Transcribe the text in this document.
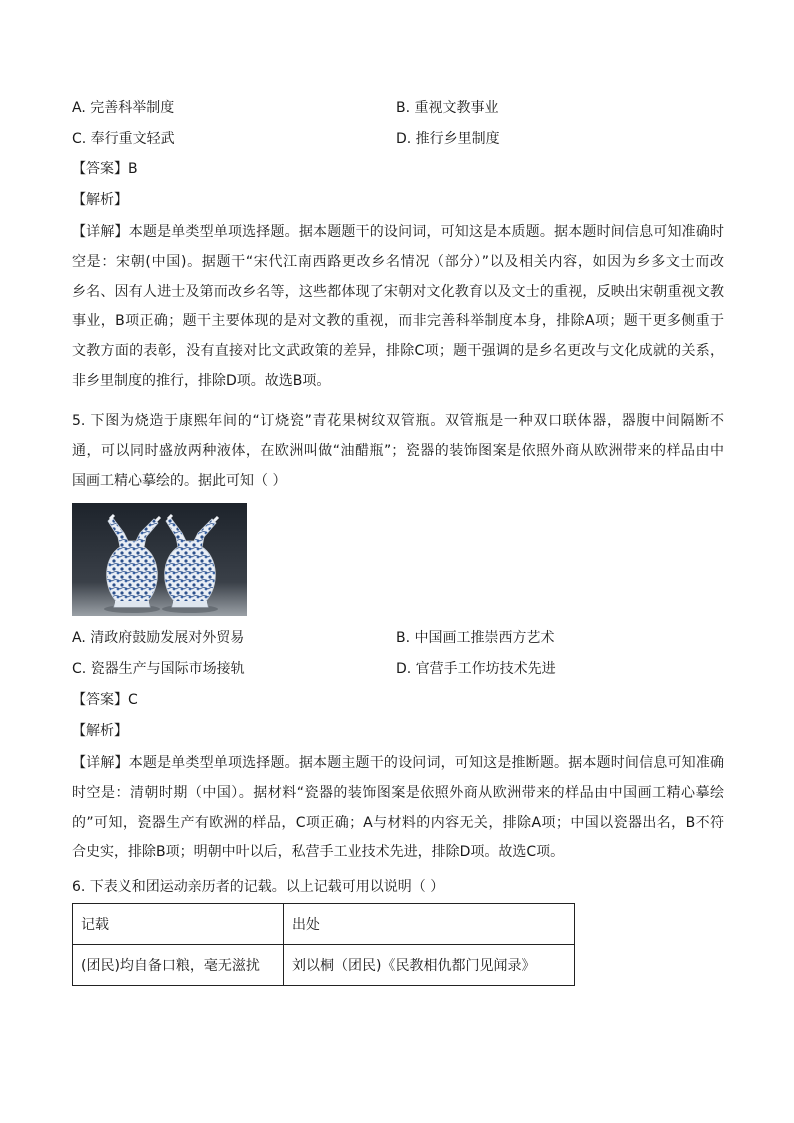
A. 完善科举制度	B. 重视文教事业
C. 奉行重文轻武	D. 推行乡里制度
【答案】B
【解析】
【详解】本题是单类型单项选择题。据本题题干的设问词，可知这是本质题。据本题时间信息可知准确时
空是：宋朝(中国)。据题干“宋代江南西路更改乡名情况（部分）”以及相关内容，如因为乡多文士而改
乡名、因有人进士及第而改乡名等，这些都体现了宋朝对文化教育以及文士的重视，反映出宋朝重视文教
事业，B项正确；题干主要体现的是对文教的重视，而非完善科举制度本身，排除A项；题干更多侧重于
文教方面的表彰，没有直接对比文武政策的差异，排除C项；题干强调的是乡名更改与文化成就的关系，
非乡里制度的推行，排除D项。故选B项。
5. 下图为烧造于康熙年间的“订烧瓷”青花果树纹双管瓶。双管瓶是一种双口联体器，器腹中间隔断不
通，可以同时盛放两种液体，在欧洲叫做“油醋瓶”；瓷器的装饰图案是依照外商从欧洲带来的样品由中
国画工精心摹绘的。据此可知（ ）
A. 清政府鼓励发展对外贸易	B. 中国画工推崇西方艺术
C. 瓷器生产与国际市场接轨	D. 官营手工作坊技术先进
【答案】C
【解析】
【详解】本题是单类型单项选择题。据本题主题干的设问词，可知这是推断题。据本题时间信息可知准确
时空是：清朝时期（中国）。据材料“瓷器的装饰图案是依照外商从欧洲带来的样品由中国画工精心摹绘
的”可知，瓷器生产有欧洲的样品，C项正确；A与材料的内容无关，排除A项；中国以瓷器出名，B不符
合史实，排除B项；明朝中叶以后，私营手工业技术先进，排除D项。故选C项。
6. 下表义和团运动亲历者的记载。以上记载可用以说明（ ）
记载	出处
(团民)均自备口粮，毫无滋扰	刘以桐（团民)《民教相仇都门见闻录》
